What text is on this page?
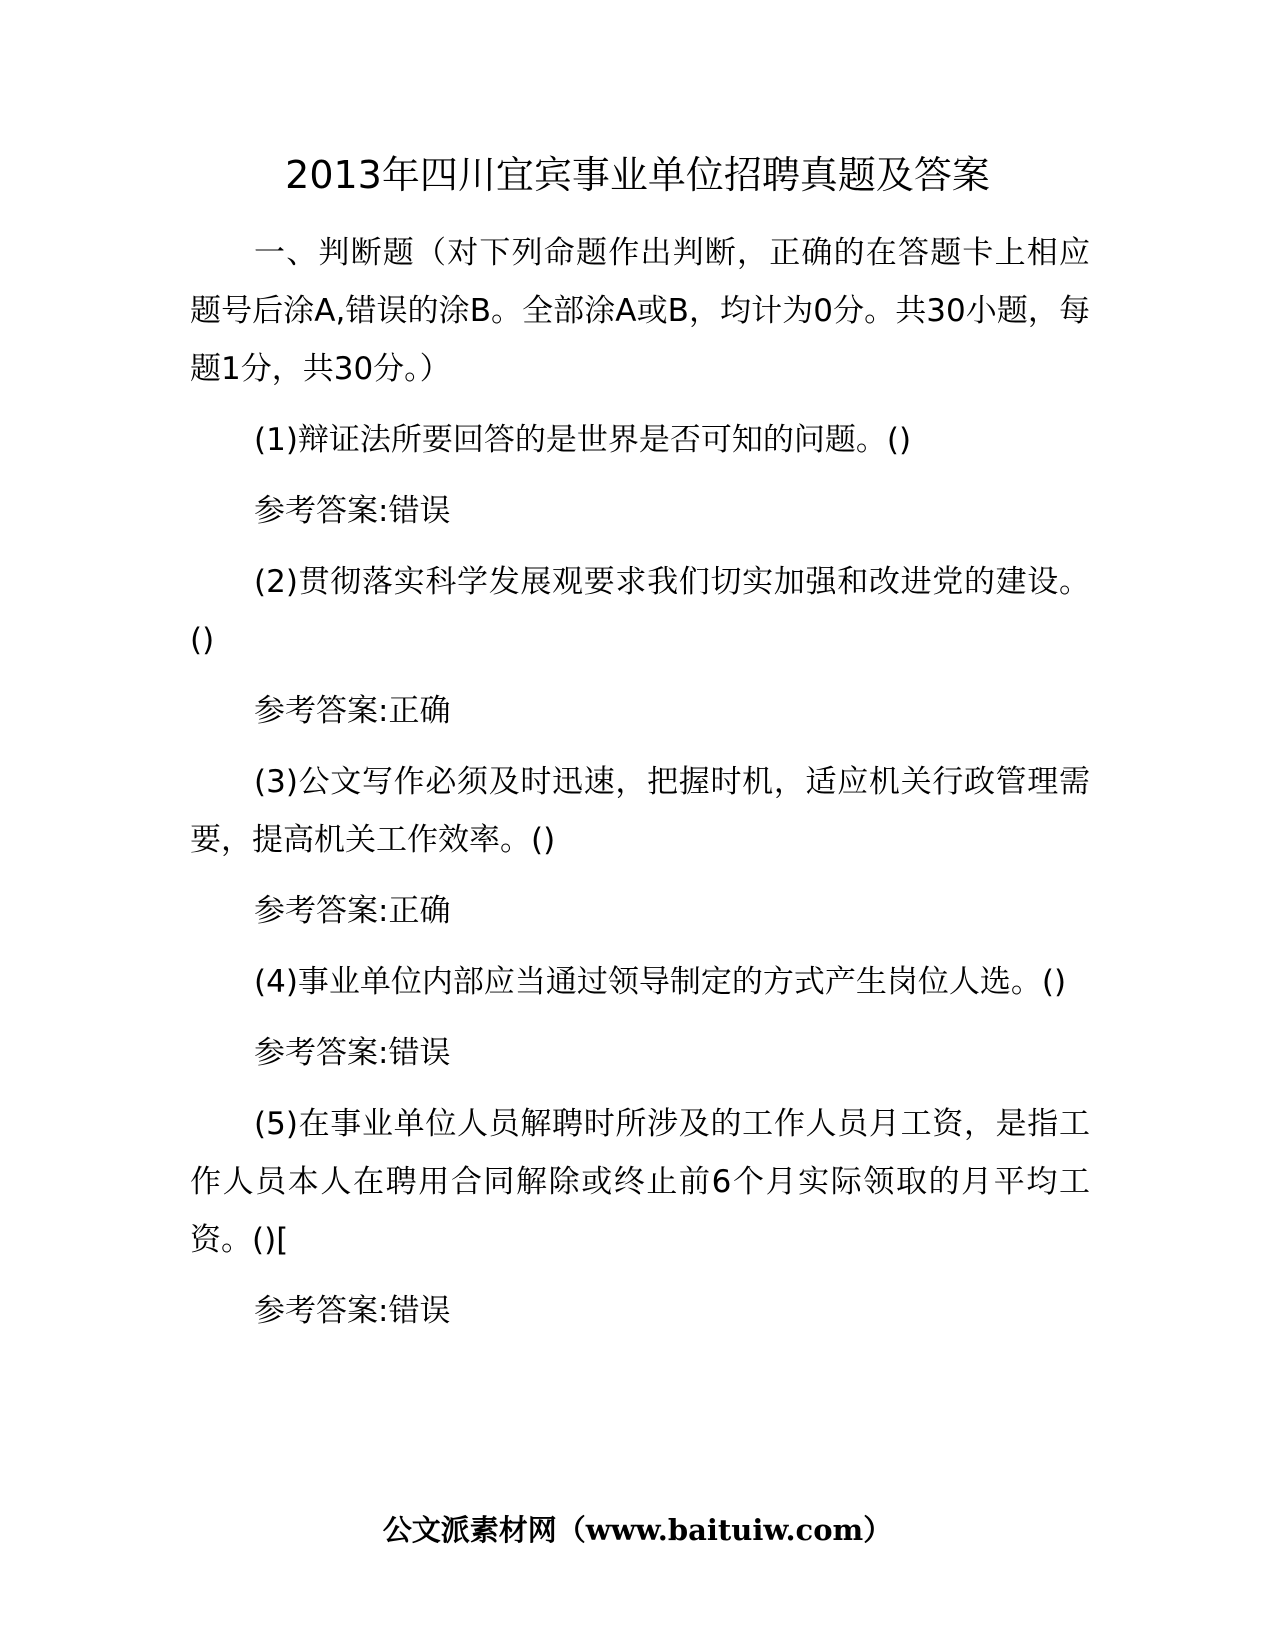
2013年四川宜宾事业单位招聘真题及答案

一、判断题（对下列命题作出判断，正确的在答题卡上相应题号后涂A,错误的涂B。全部涂A或B，均计为0分。共30小题，每题1分，共30分。）

(1)辩证法所要回答的是世界是否可知的问题。()

参考答案:错误

(2)贯彻落实科学发展观要求我们切实加强和改进党的建设。()

参考答案:正确

(3)公文写作必须及时迅速，把握时机，适应机关行政管理需要，提高机关工作效率。()

参考答案:正确

(4)事业单位内部应当通过领导制定的方式产生岗位人选。()

参考答案:错误

(5)在事业单位人员解聘时所涉及的工作人员月工资，是指工作人员本人在聘用合同解除或终止前6个月实际领取的月平均工资。()[

参考答案:错误

公文派素材网（www.baituiw.com）
